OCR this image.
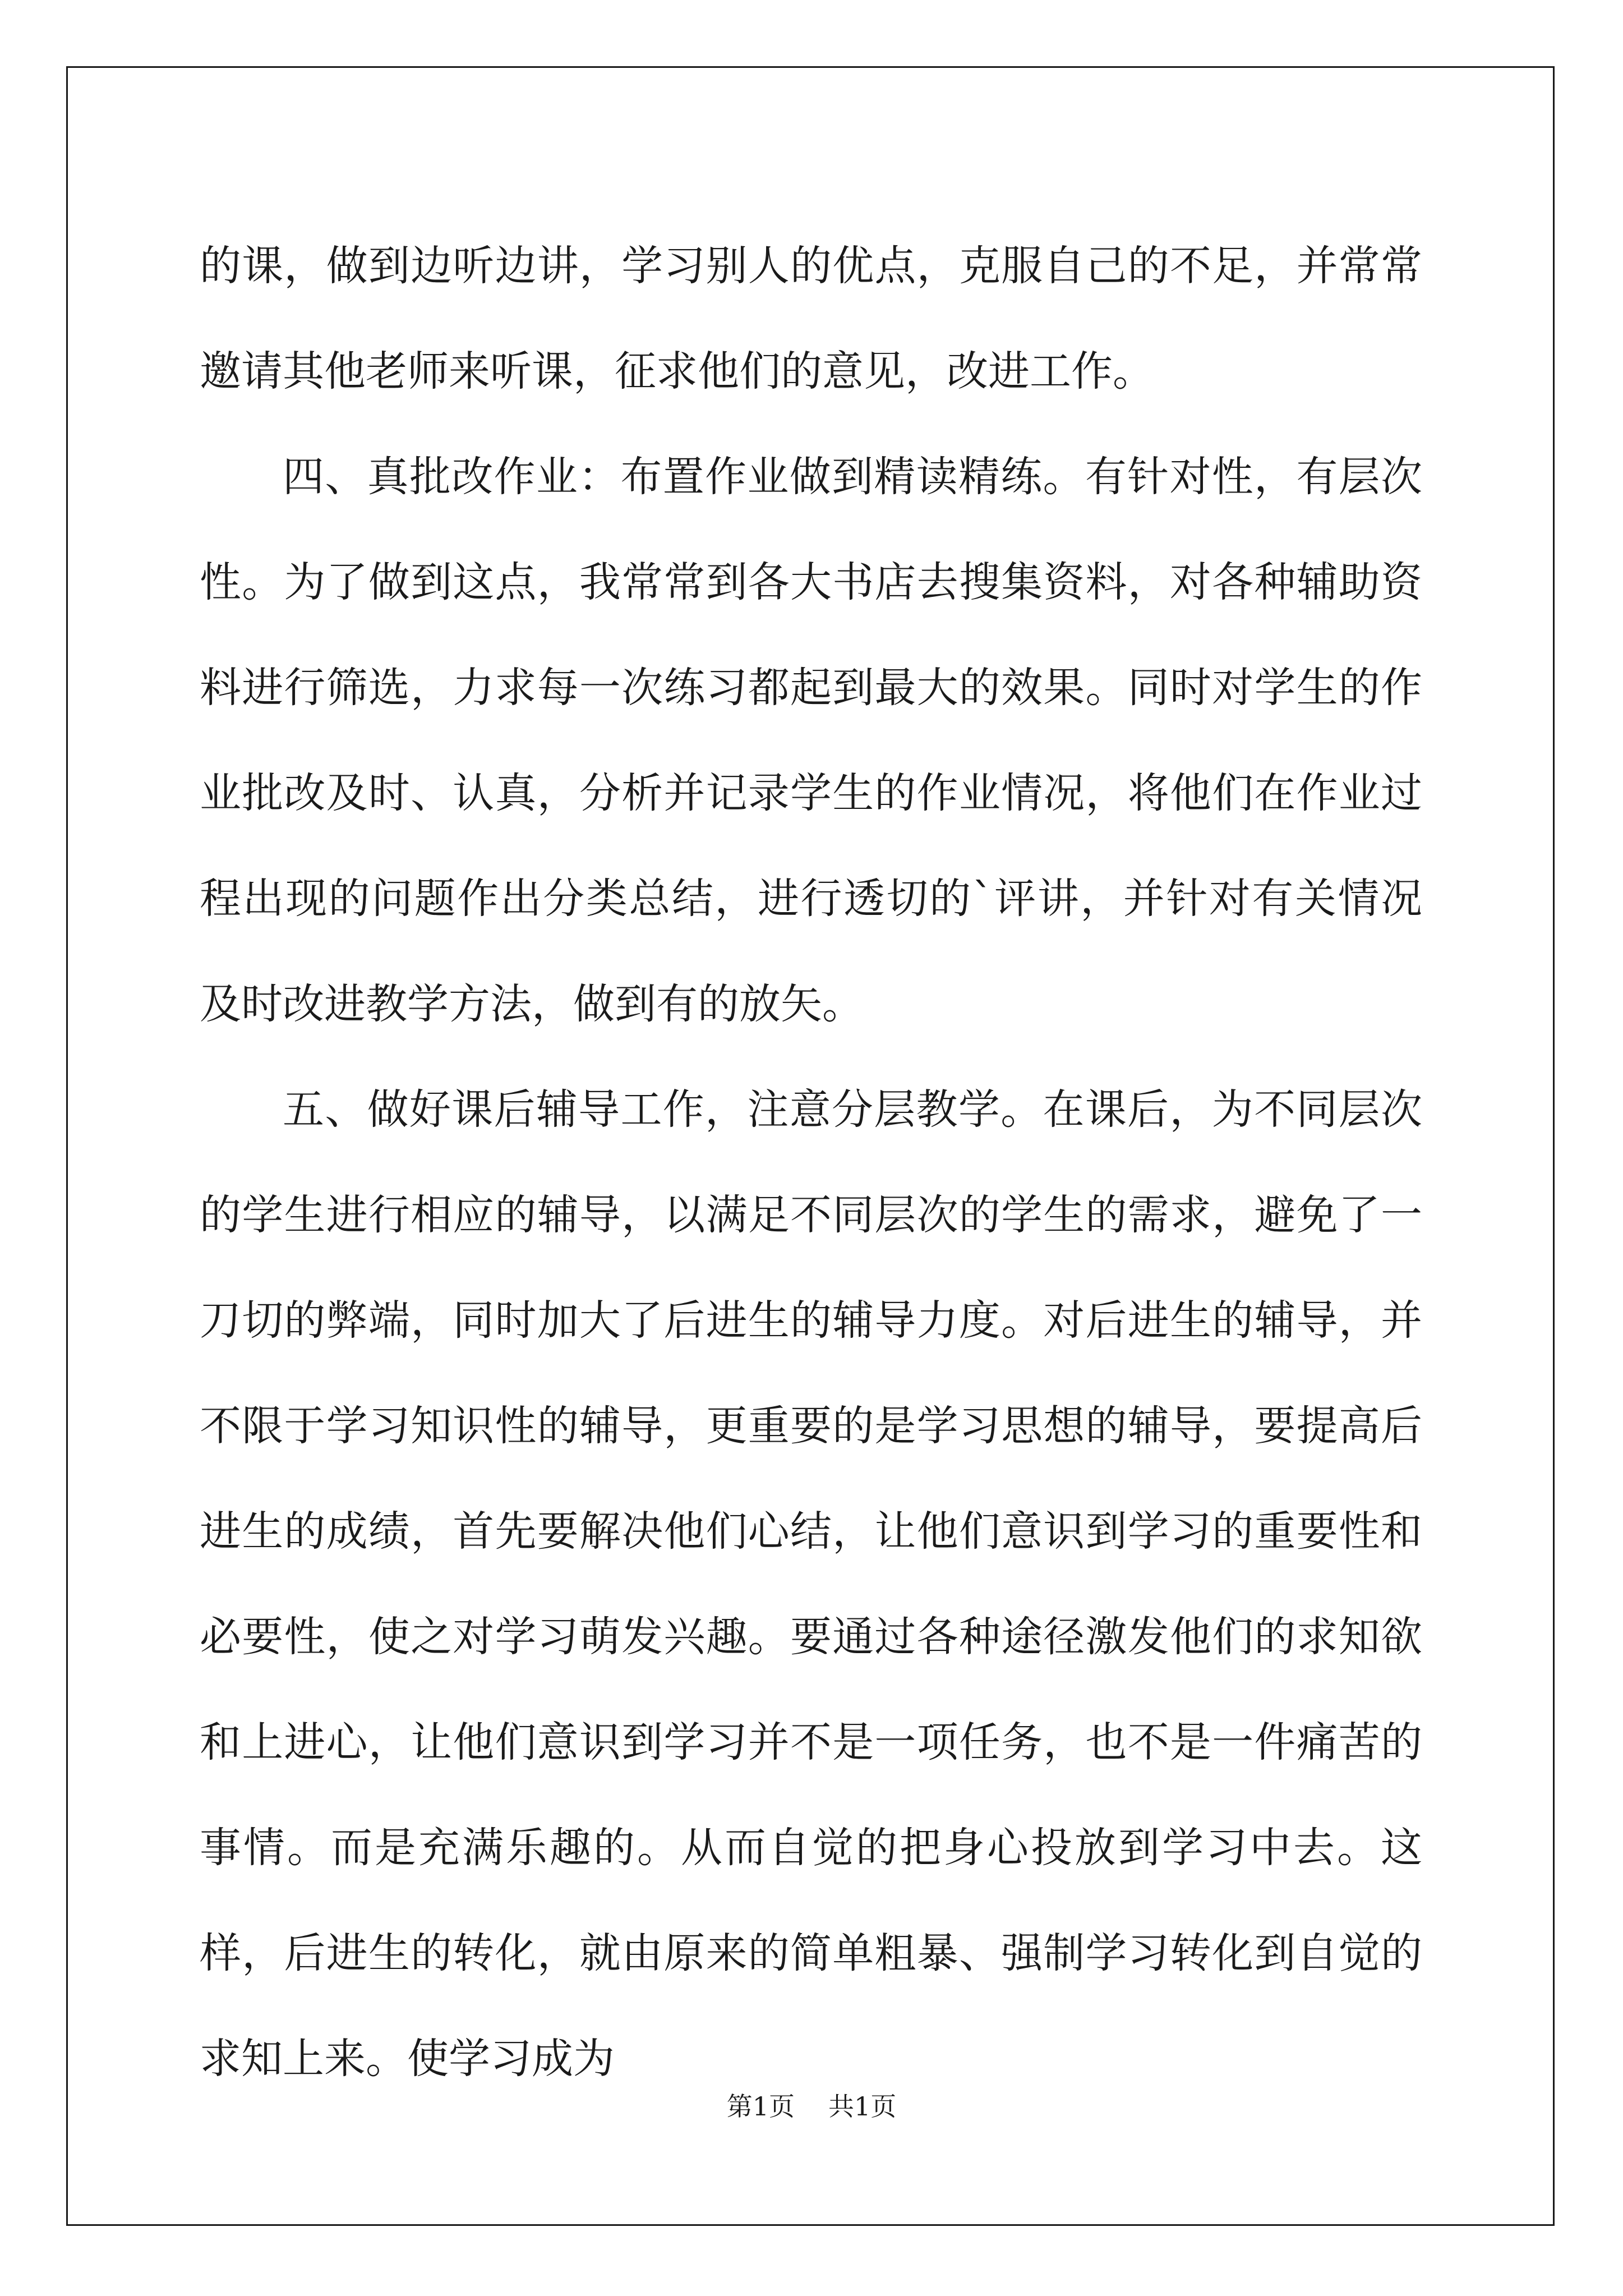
的课，做到边听边讲，学习别人的优点，克服自己的不足，并常常邀请其他老师来听课，征求他们的意见，改进工作。

四、真批改作业：布置作业做到精读精练。有针对性，有层次性。为了做到这点，我常常到各大书店去搜集资料，对各种辅助资料进行筛选，力求每一次练习都起到最大的效果。同时对学生的作业批改及时、认真，分析并记录学生的作业情况，将他们在作业过程出现的问题作出分类总结，进行透切的`评讲，并针对有关情况及时改进教学方法，做到有的放矢。

五、做好课后辅导工作，注意分层教学。在课后，为不同层次的学生进行相应的辅导，以满足不同层次的学生的需求，避免了一刀切的弊端，同时加大了后进生的辅导力度。对后进生的辅导，并不限于学习知识性的辅导，更重要的是学习思想的辅导，要提高后进生的成绩，首先要解决他们心结，让他们意识到学习的重要性和必要性，使之对学习萌发兴趣。要通过各种途径激发他们的求知欲和上进心，让他们意识到学习并不是一项任务，也不是一件痛苦的事情。而是充满乐趣的。从而自觉的把身心投放到学习中去。这样，后进生的转化，就由原来的简单粗暴、强制学习转化到自觉的求知上来。使学习成为

第1页 共1页
